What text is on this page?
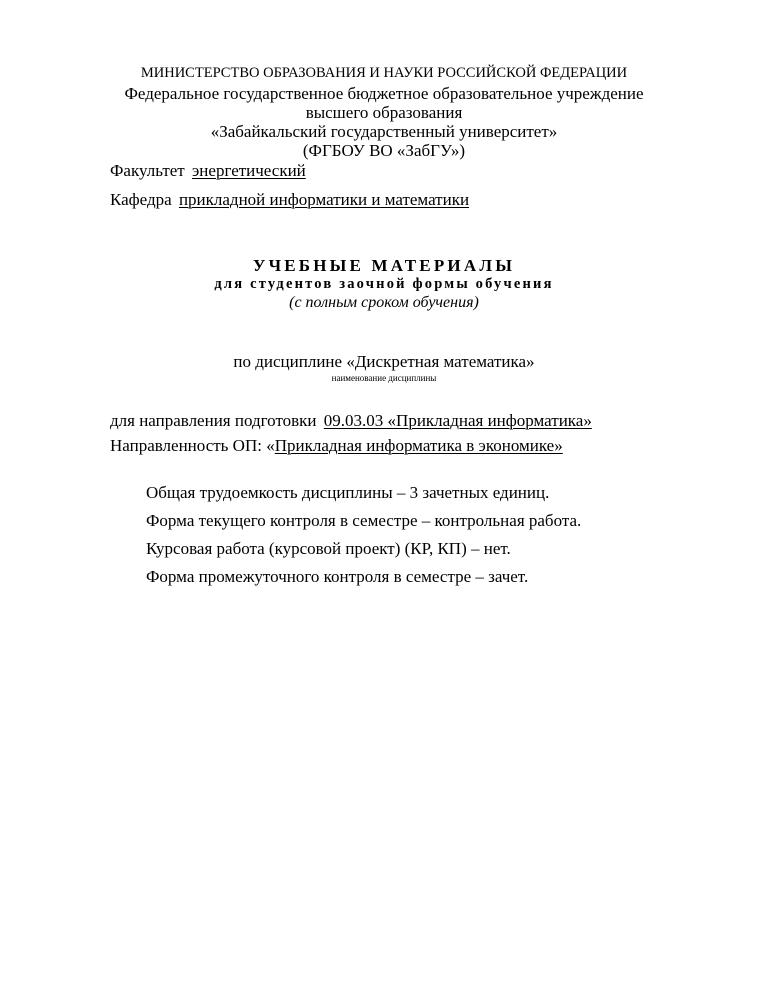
МИНИСТЕРСТВО ОБРАЗОВАНИЯ И НАУКИ РОССИЙСКОЙ ФЕДЕРАЦИИ
Федеральное государственное бюджетное образовательное учреждение
высшего образования
«Забайкальский государственный университет»
(ФГБОУ ВО «ЗабГУ»)
Факультет энергетический
Кафедра прикладной информатики и математики
УЧЕБНЫЕ МАТЕРИАЛЫ
для студентов заочной формы обучения
(с полным сроком обучения)
по дисциплине «Дискретная математика»
наименование дисциплины
для направления подготовки 09.03.03 «Прикладная информатика»
Направленность ОП: «Прикладная информатика в экономике»
Общая трудоемкость дисциплины – 3 зачетных единиц.
Форма текущего контроля в семестре – контрольная работа.
Курсовая работа (курсовой проект) (КР, КП) – нет.
Форма промежуточного контроля в семестре – зачет.
